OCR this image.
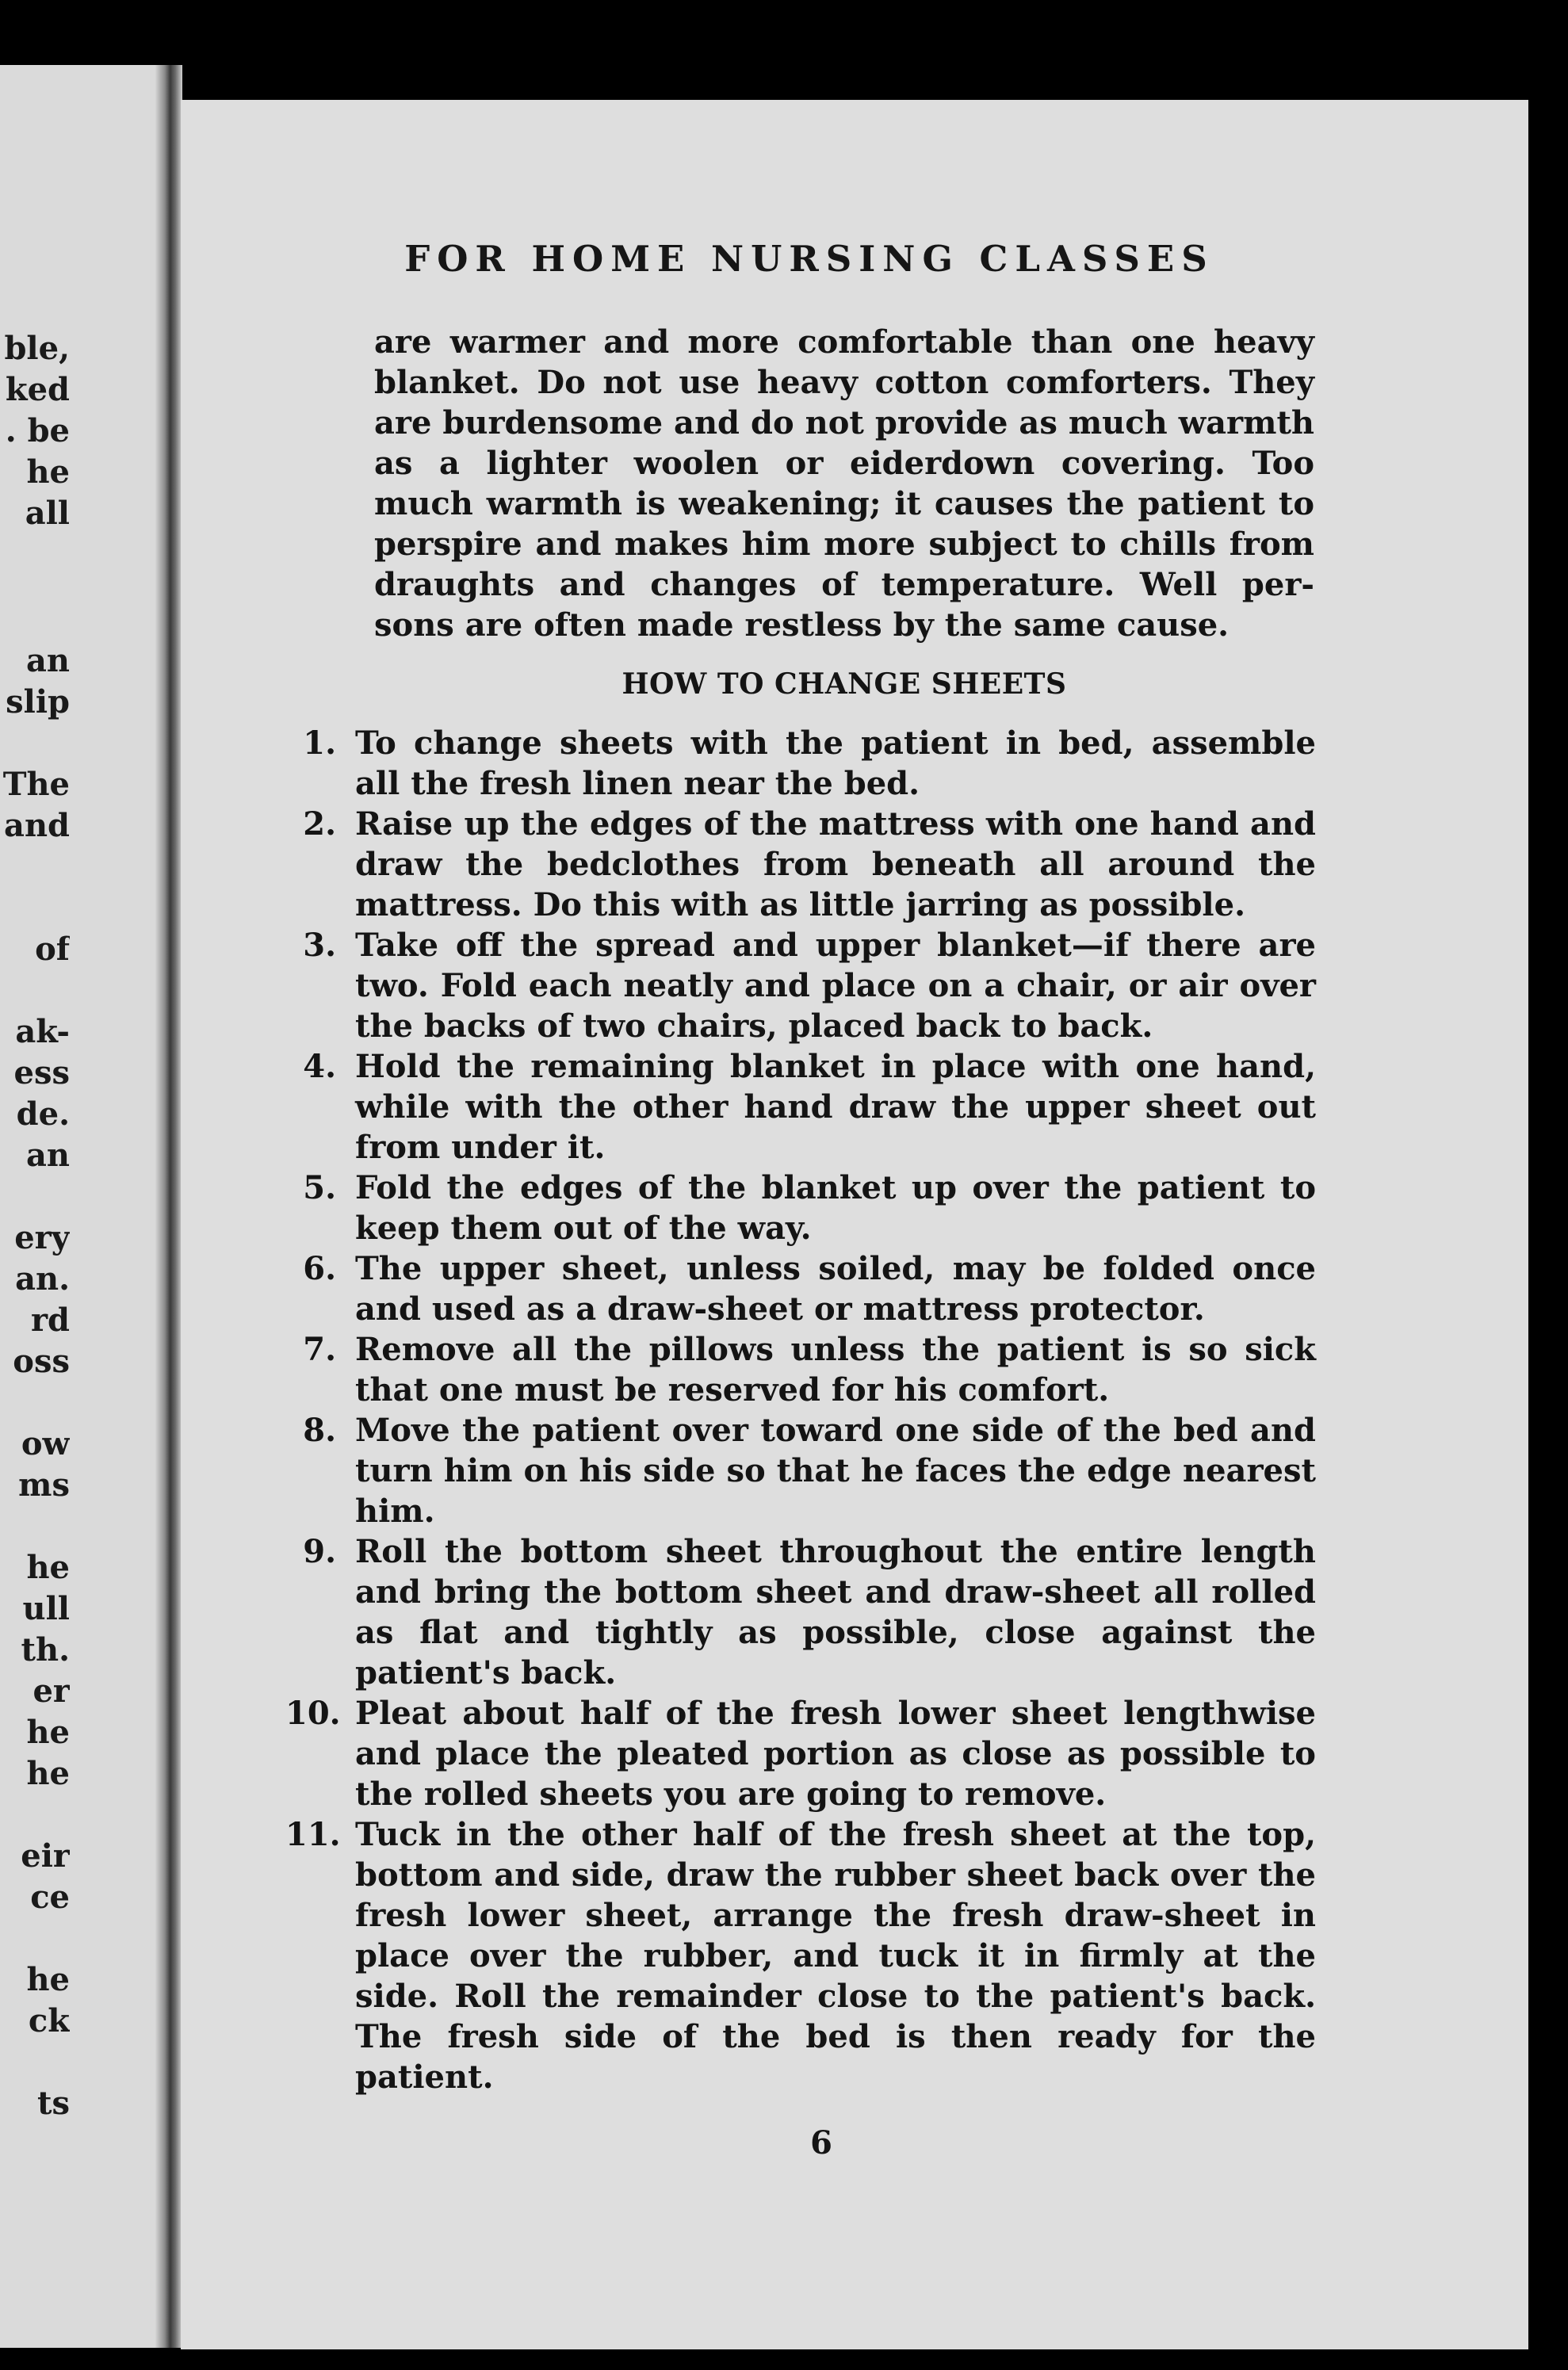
ble,
ked
. be
he
all
an
slip
The
and
of
ak-
ess
de.
an
ery
an.
rd
oss
ow
ms
he
ull
th.
er
he
he
eir
ce
he
ck
ts
FOR HOME NURSING CLASSES
are warmer and more comfortable than one heavy
blanket. Do not use heavy cotton comforters. They
are burdensome and do not provide as much warmth
as a lighter woolen or eiderdown covering. Too
much warmth is weakening; it causes the patient to
perspire and makes him more subject to chills from
draughts and changes of temperature. Well per-
sons are often made restless by the same cause.
HOW TO CHANGE SHEETS
1. To change sheets with the patient in bed, assemble all the fresh linen near the bed.
2. Raise up the edges of the mattress with one hand and draw the bedclothes from beneath all around the mattress. Do this with as little jarring as possible.
3. Take off the spread and upper blanket—if there are two. Fold each neatly and place on a chair, or air over the backs of two chairs, placed back to back.
4. Hold the remaining blanket in place with one hand, while with the other hand draw the upper sheet out from under it.
5. Fold the edges of the blanket up over the patient to keep them out of the way.
6. The upper sheet, unless soiled, may be folded once and used as a draw-sheet or mattress protector.
7. Remove all the pillows unless the patient is so sick that one must be reserved for his comfort.
8. Move the patient over toward one side of the bed and turn him on his side so that he faces the edge nearest him.
9. Roll the bottom sheet throughout the entire length and bring the bottom sheet and draw-sheet all rolled as flat and tightly as possible, close against the patient's back.
10. Pleat about half of the fresh lower sheet lengthwise and place the pleated portion as close as possible to the rolled sheets you are going to remove.
11. Tuck in the other half of the fresh sheet at the top, bottom and side, draw the rubber sheet back over the fresh lower sheet, arrange the fresh draw-sheet in place over the rubber, and tuck it in firmly at the side. Roll the remainder close to the patient's back. The fresh side of the bed is then ready for the patient.
6
